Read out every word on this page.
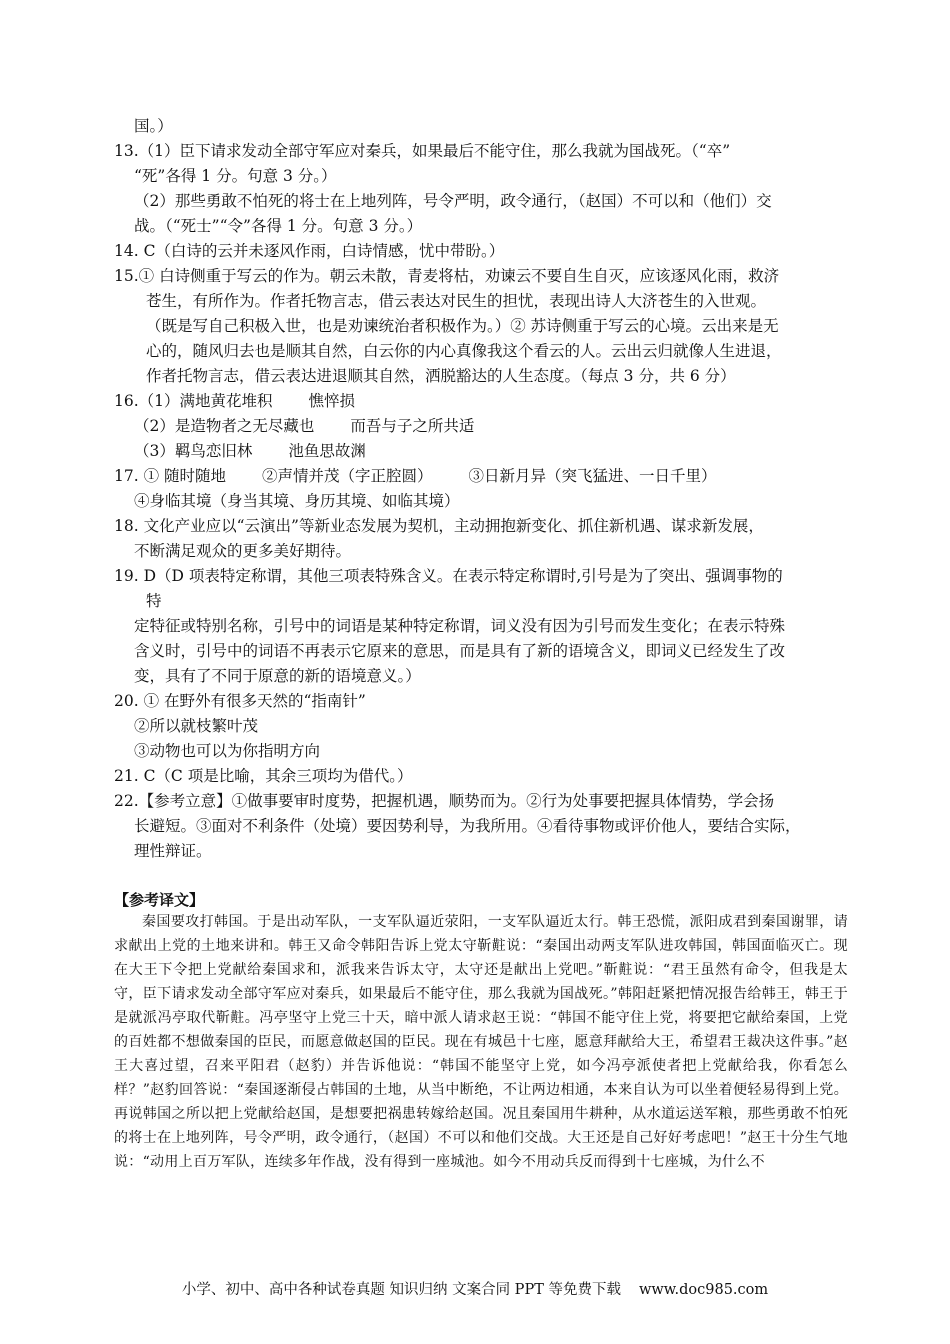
国。）
13.（1）臣下请求发动全部守军应对秦兵，如果最后不能守住，那么我就为国战死。（“卒”
“死”各得 1 分。句意 3 分。）
（2）那些勇敢不怕死的将士在上地列阵，号令严明，政令通行，（赵国）不可以和（他们）交
战。（“死士”“令”各得 1 分。句意 3 分。）
14. C（白诗的云并未逐风作雨，白诗情感，忧中带盼。）
15.① 白诗侧重于写云的作为。朝云未散，青麦将枯，劝谏云不要自生自灭，应该逐风化雨，救济
苍生，有所作为。作者托物言志，借云表达对民生的担忧，表现出诗人大济苍生的入世观。
（既是写自己积极入世，也是劝谏统治者积极作为。）② 苏诗侧重于写云的心境。云出来是无
心的，随风归去也是顺其自然，白云你的内心真像我这个看云的人。云出云归就像人生进退，
作者托物言志，借云表达进退顺其自然，洒脱豁达的人生态度。（每点 3 分，共 6 分）
16.（1）满地黄花堆积 憔悴损
（2）是造物者之无尽藏也 而吾与子之所共适
（3）羁鸟恋旧林 池鱼思故渊
17. ① 随时随地 ②声情并茂（字正腔圆） ③日新月异（突飞猛进、一日千里）
④身临其境（身当其境、身历其境、如临其境）
18. 文化产业应以“云演出”等新业态发展为契机，主动拥抱新变化、抓住新机遇、谋求新发展，
不断满足观众的更多美好期待。
19. D（D 项表特定称谓，其他三项表特殊含义。在表示特定称谓时,引号是为了突出、强调事物的
特
定特征或特别名称，引号中的词语是某种特定称谓，词义没有因为引号而发生变化；在表示特殊
含义时，引号中的词语不再表示它原来的意思，而是具有了新的语境含义，即词义已经发生了改
变，具有了不同于原意的新的语境意义。）
20. ① 在野外有很多天然的“指南针”
②所以就枝繁叶茂
③动物也可以为你指明方向
21. C（C 项是比喻，其余三项均为借代。）
22.【参考立意】①做事要审时度势，把握机遇，顺势而为。②行为处事要把握具体情势，学会扬
长避短。③面对不利条件（处境）要因势利导，为我所用。④看待事物或评价他人，要结合实际，
理性辩证。
【参考译文】
秦国要攻打韩国。于是出动军队，一支军队逼近荥阳，一支军队逼近太行。韩王恐慌，派阳成君到秦国谢罪，请求献出上党的土地来讲和。韩王又命令韩阳告诉上党太守靳黈说：“秦国出动两支军队进攻韩国，韩国面临灭亡。现在大王下令把上党献给秦国求和，派我来告诉太守，太守还是献出上党吧。”靳黈说：“君王虽然有命令，但我是太守，臣下请求发动全部守军应对秦兵，如果最后不能守住，那么我就为国战死。”韩阳赶紧把情况报告给韩王，韩王于是就派冯亭取代靳黈。冯亭坚守上党三十天，暗中派人请求赵王说：“韩国不能守住上党，将要把它献给秦国，上党的百姓都不想做秦国的臣民，而愿意做赵国的臣民。现在有城邑十七座，愿意拜献给大王，希望君王裁决这件事。”赵王大喜过望，召来平阳君（赵豹）并告诉他说：“韩国不能坚守上党，如今冯亭派使者把上党献给我，你看怎么样？”赵豹回答说：“秦国逐渐侵占韩国的土地，从当中断绝，不让两边相通，本来自认为可以坐着便轻易得到上党。再说韩国之所以把上党献给赵国，是想要把祸患转嫁给赵国。况且秦国用牛耕种，从水道运送军粮，那些勇敢不怕死的将士在上地列阵，号令严明，政令通行，（赵国）不可以和他们交战。大王还是自己好好考虑吧！”赵王十分生气地说：“动用上百万军队，连续多年作战，没有得到一座城池。如今不用动兵反而得到十七座城，为什么不
小学、初中、高中各种试卷真题 知识归纳 文案合同 PPT 等免费下载 www.doc985.com
